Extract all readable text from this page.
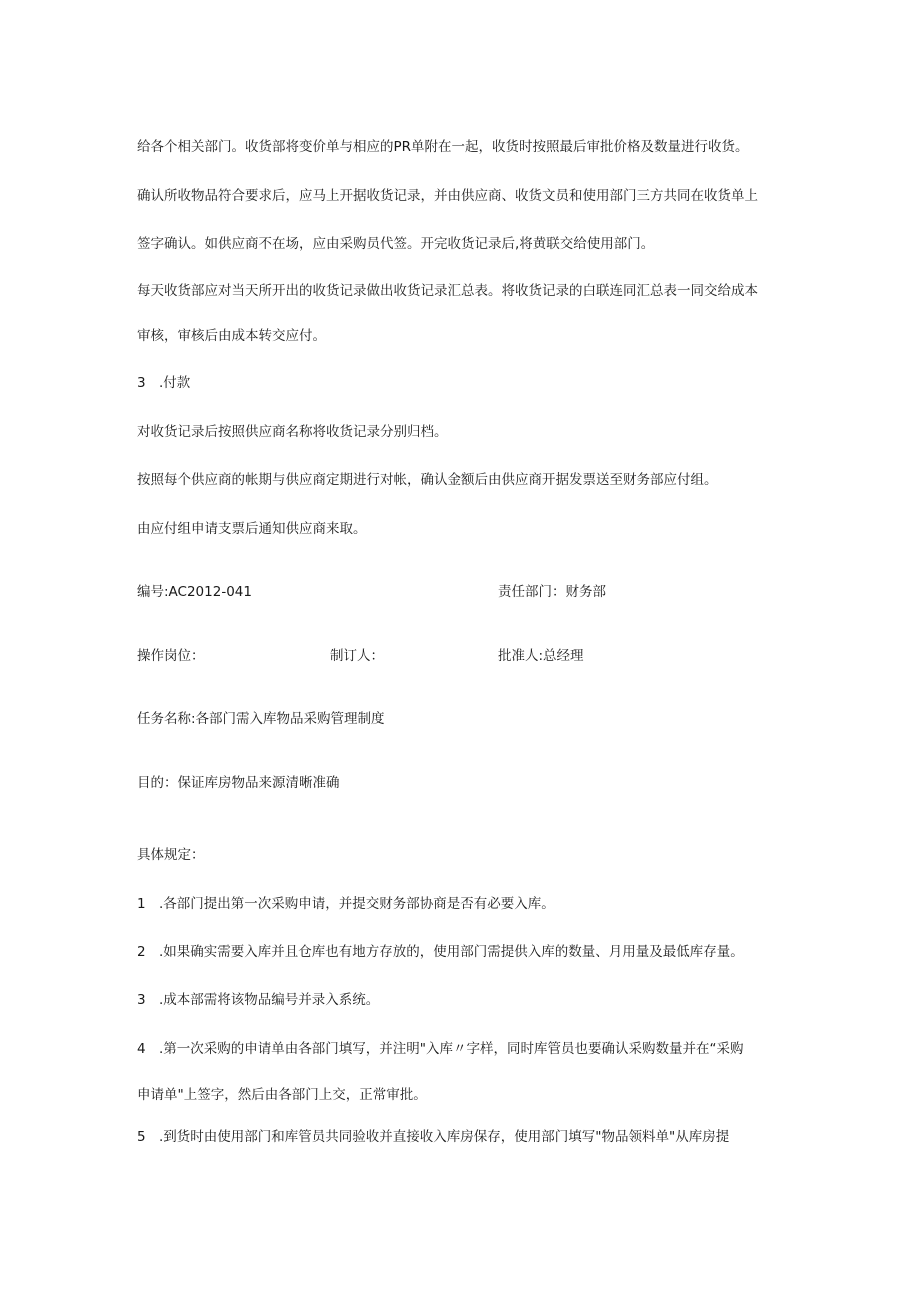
给各个相关部门。收货部将变价单与相应的PR单附在一起，收货时按照最后审批价格及数量进行收货。
确认所收物品符合要求后，应马上开据收货记录，并由供应商、收货文员和使用部门三方共同在收货单上
签字确认。如供应商不在场，应由采购员代签。开完收货记录后,将黄联交给使用部门。
每天收货部应对当天所开出的收货记录做出收货记录汇总表。将收货记录的白联连同汇总表一同交给成本
审核，审核后由成本转交应付。
3 .付款
对收货记录后按照供应商名称将收货记录分别归档。
按照每个供应商的帐期与供应商定期进行对帐，确认金额后由供应商开据发票送至财务部应付组。
由应付组申请支票后通知供应商来取。
编号:AC2012-041	责任部门：财务部
操作岗位：	制订人：	批准人:总经理
任务名称:各部门需入库物品采购管理制度
目的：保证库房物品来源清晰准确
具体规定：
1 .各部门提出第一次采购申请，并提交财务部协商是否有必要入库。
2 .如果确实需要入库并且仓库也有地方存放的，使用部门需提供入库的数量、月用量及最低库存量。
3 .成本部需将该物品编号并录入系统。
4 .第一次采购的申请单由各部门填写，并注明"入库〃字样，同时库管员也要确认采购数量并在“采购
申请单"上签字，然后由各部门上交，正常审批。
5 .到货时由使用部门和库管员共同验收并直接收入库房保存，使用部门填写"物品领料单"从库房提
